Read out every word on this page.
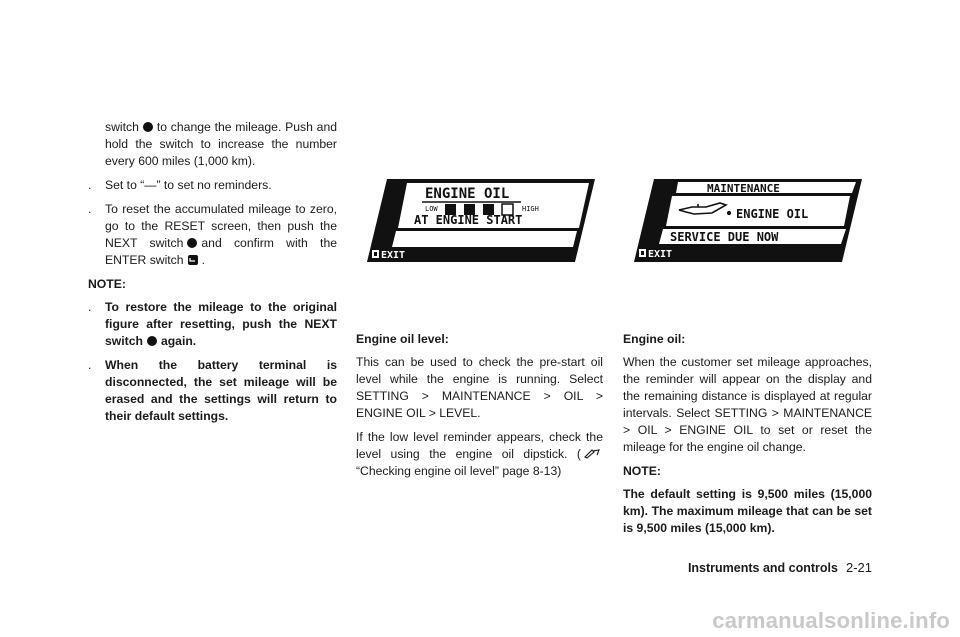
switch to change the mileage. Push and hold the switch to increase the number every 600 miles (1,000 km).

.	Set to “—” to set no reminders.
.	To reset the accumulated mileage to zero, go to the RESET screen, then push the NEXT switch and confirm with the ENTER switch .
NOTE:
.	To restore the mileage to the original figure after resetting, push the NEXT switch again.
.	When the battery terminal is disconnected, the set mileage will be erased and the settings will return to their default settings.
ENGINE OIL
LOW	HIGH
AT ENGINE START
EXIT
MAINTENANCE
ENGINE OIL
SERVICE DUE NOW
EXIT
Engine oil level:

This can be used to check the pre-start oil level while the engine is running. Select SETTING > MAINTENANCE > OIL > ENGINE OIL > LEVEL.

If the low level reminder appears, check the level using the engine oil dipstick. (“Checking engine oil level” page 8-13)

Engine oil:

When the customer set mileage approaches, the reminder will appear on the display and the remaining distance is displayed at regular intervals. Select SETTING > MAINTENANCE > OIL > ENGINE OIL to set or reset the mileage for the engine oil change.

NOTE:

The default setting is 9,500 miles (15,000 km). The maximum mileage that can be set is 9,500 miles (15,000 km).

Instruments and controls 2-21
carmanualsonline.info
